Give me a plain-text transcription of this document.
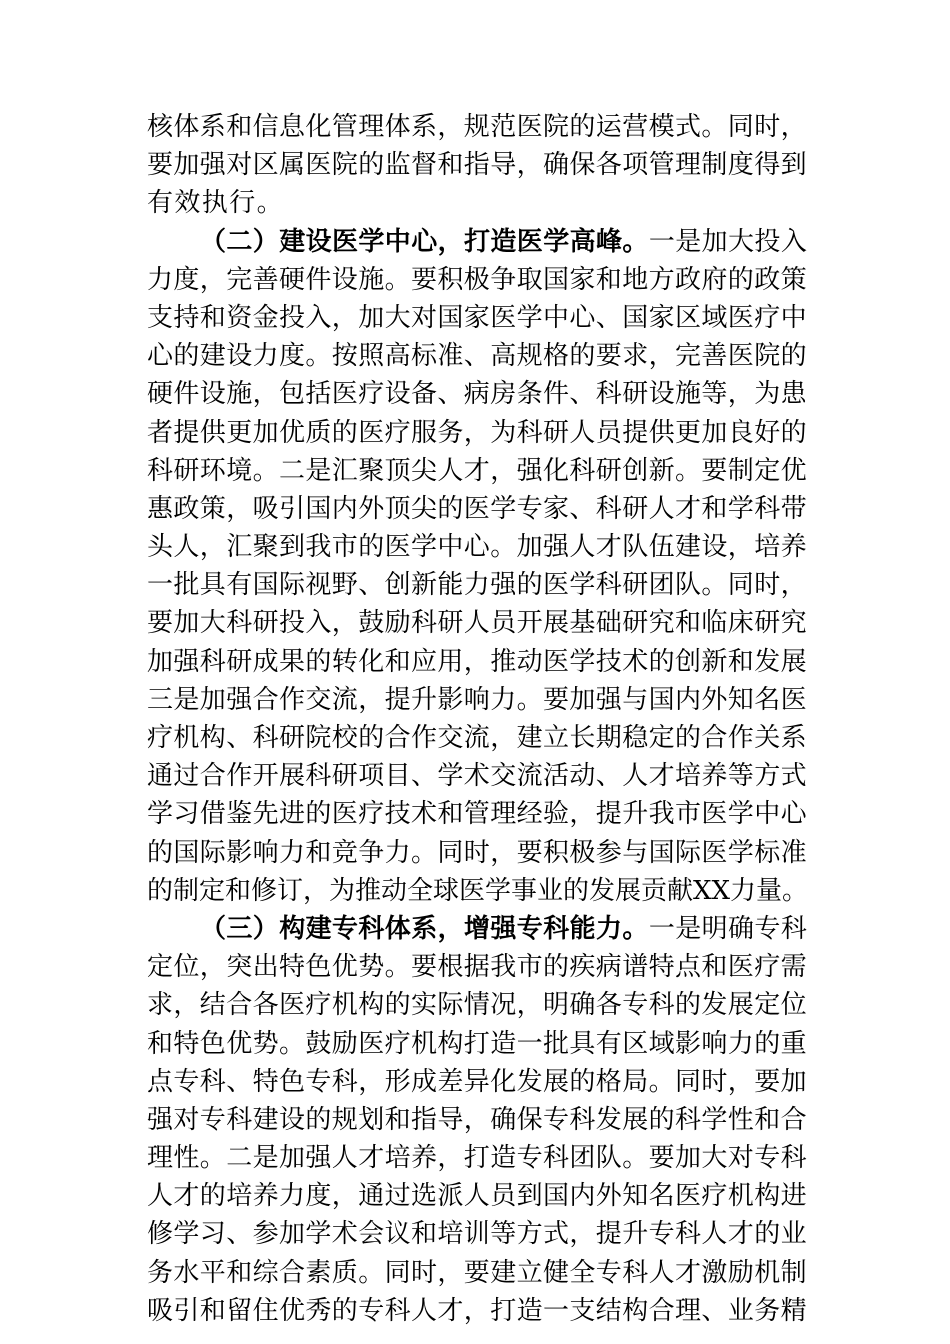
核体系和信息化管理体系，规范医院的运营模式。同时，
要加强对区属医院的监督和指导，确保各项管理制度得到
有效执行。
（二）建设医学中心，打造医学高峰。一是加大投入
力度，完善硬件设施。要积极争取国家和地方政府的政策
支持和资金投入，加大对国家医学中心、国家区域医疗中
心的建设力度。按照高标准、高规格的要求，完善医院的
硬件设施，包括医疗设备、病房条件、科研设施等，为患
者提供更加优质的医疗服务，为科研人员提供更加良好的
科研环境。二是汇聚顶尖人才，强化科研创新。要制定优
惠政策，吸引国内外顶尖的医学专家、科研人才和学科带
头人，汇聚到我市的医学中心。加强人才队伍建设，培养
一批具有国际视野、创新能力强的医学科研团队。同时，
要加大科研投入，鼓励科研人员开展基础研究和临床研究
加强科研成果的转化和应用，推动医学技术的创新和发展
三是加强合作交流，提升影响力。要加强与国内外知名医
疗机构、科研院校的合作交流，建立长期稳定的合作关系
通过合作开展科研项目、学术交流活动、人才培养等方式
学习借鉴先进的医疗技术和管理经验，提升我市医学中心
的国际影响力和竞争力。同时，要积极参与国际医学标准
的制定和修订，为推动全球医学事业的发展贡献XX力量。
（三）构建专科体系，增强专科能力。一是明确专科
定位，突出特色优势。要根据我市的疾病谱特点和医疗需
求，结合各医疗机构的实际情况，明确各专科的发展定位
和特色优势。鼓励医疗机构打造一批具有区域影响力的重
点专科、特色专科，形成差异化发展的格局。同时，要加
强对专科建设的规划和指导，确保专科发展的科学性和合
理性。二是加强人才培养，打造专科团队。要加大对专科
人才的培养力度，通过选派人员到国内外知名医疗机构进
修学习、参加学术会议和培训等方式，提升专科人才的业
务水平和综合素质。同时，要建立健全专科人才激励机制
吸引和留住优秀的专科人才，打造一支结构合理、业务精
